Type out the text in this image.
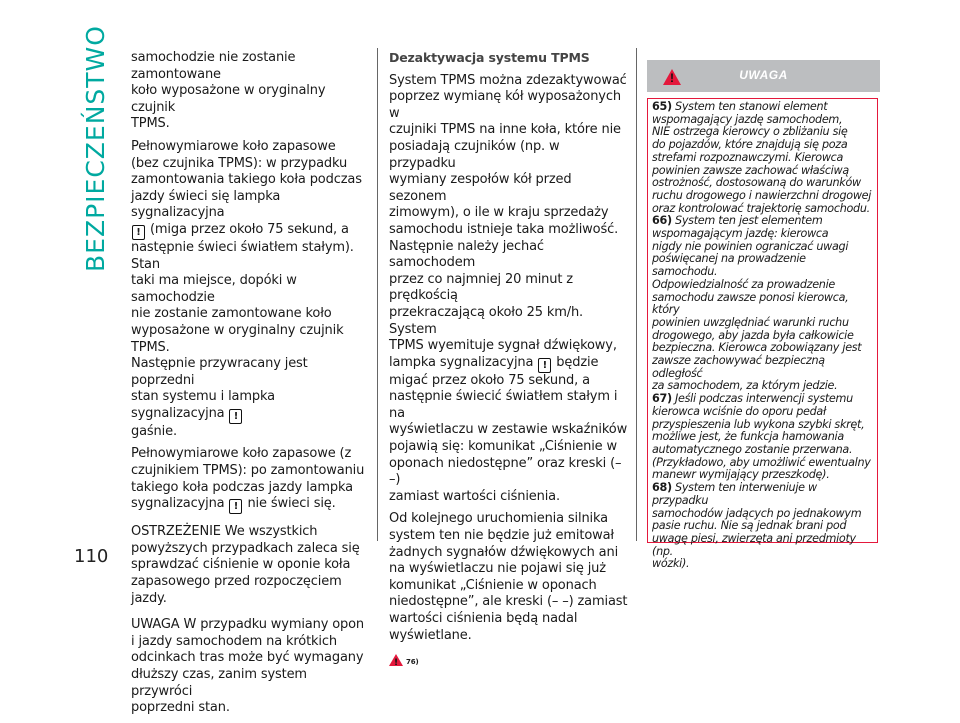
BEZPIECZEŃSTWO samochodzie nie zostanie zamontowane
koło wyposażone w oryginalny czujnik
TPMS.

Pełnowymiarowe koło zapasowe
(bez czujnika TPMS): w przypadku
zamontowania takiego koła podczas
jazdy świeci się lampka sygnalizacyjna
! (miga przez około 75 sekund, a
następnie świeci światłem stałym). Stan
taki ma miejsce, dopóki w samochodzie
nie zostanie zamontowane koło
wyposażone w oryginalny czujnik TPMS.
Następnie przywracany jest poprzedni
stan systemu i lampka sygnalizacyjna !
gaśnie.

Pełnowymiarowe koło zapasowe (z
czujnikiem TPMS): po zamontowaniu
takiego koła podczas jazdy lampka
sygnalizacyjna ! nie świeci się.

OSTRZEŻENIE We wszystkich
powyższych przypadkach zaleca się
sprawdzać ciśnienie w oponie koła
zapasowego przed rozpoczęciem jazdy.

UWAGA W przypadku wymiany opon
i jazdy samochodem na krótkich
odcinkach tras może być wymagany
dłuższy czas, zanim system przywróci
poprzedni stan.

Dezaktywacja systemu TPMS

System TPMS można zdezaktywować
poprzez wymianę kół wyposażonych w
czujniki TPMS na inne koła, które nie
posiadają czujników (np. w przypadku
wymiany zespołów kół przed sezonem
zimowym), o ile w kraju sprzedaży
samochodu istnieje taka możliwość.
Następnie należy jechać samochodem
przez co najmniej 20 minut z prędkością
przekraczającą około 25 km/h. System
TPMS wyemituje sygnał dźwiękowy,
lampka sygnalizacyjna ! będzie
migać przez około 75 sekund, a
następnie świecić światłem stałym i na
wyświetlaczu w zestawie wskaźników
pojawią się: komunikat „Ciśnienie w
oponach niedostępne” oraz kreski (– –)
zamiast wartości ciśnienia.

Od kolejnego uruchomienia silnika
system ten nie będzie już emitował
żadnych sygnałów dźwiękowych ani
na wyświetlaczu nie pojawi się już
komunikat „Ciśnienie w oponach
niedostępne”, ale kreski (– –) zamiast
wartości ciśnienia będą nadal
wyświetlane.

!76)

!
UWAGA

65) System ten stanowi element
wspomagający jazdę samochodem,
NIE ostrzega kierowcy o zbliżaniu się
do pojazdów, które znajdują się poza
strefami rozpoznawczymi. Kierowca
powinien zawsze zachować właściwą
ostrożność, dostosowaną do warunków
ruchu drogowego i nawierzchni drogowej
oraz kontrolować trajektorię samochodu.

66) System ten jest elementem
wspomagającym jazdę: kierowca
nigdy nie powinien ograniczać uwagi
poświęcanej na prowadzenie samochodu.
Odpowiedzialność za prowadzenie
samochodu zawsze ponosi kierowca, który
powinien uwzględniać warunki ruchu
drogowego, aby jazda była całkowicie
bezpieczna. Kierowca zobowiązany jest
zawsze zachowywać bezpieczną odległość
za samochodem, za którym jedzie.

67) Jeśli podczas interwencji systemu
kierowca wciśnie do oporu pedał
przyspieszenia lub wykona szybki skręt,
możliwe jest, że funkcja hamowania
automatycznego zostanie przerwana.
(Przykładowo, aby umożliwić ewentualny
manewr wymijający przeszkodę).

68) System ten interweniuje w przypadku
samochodów jadących po jednakowym
pasie ruchu. Nie są jednak brani pod
uwagę piesi, zwierzęta ani przedmioty (np.
wózki).

110
